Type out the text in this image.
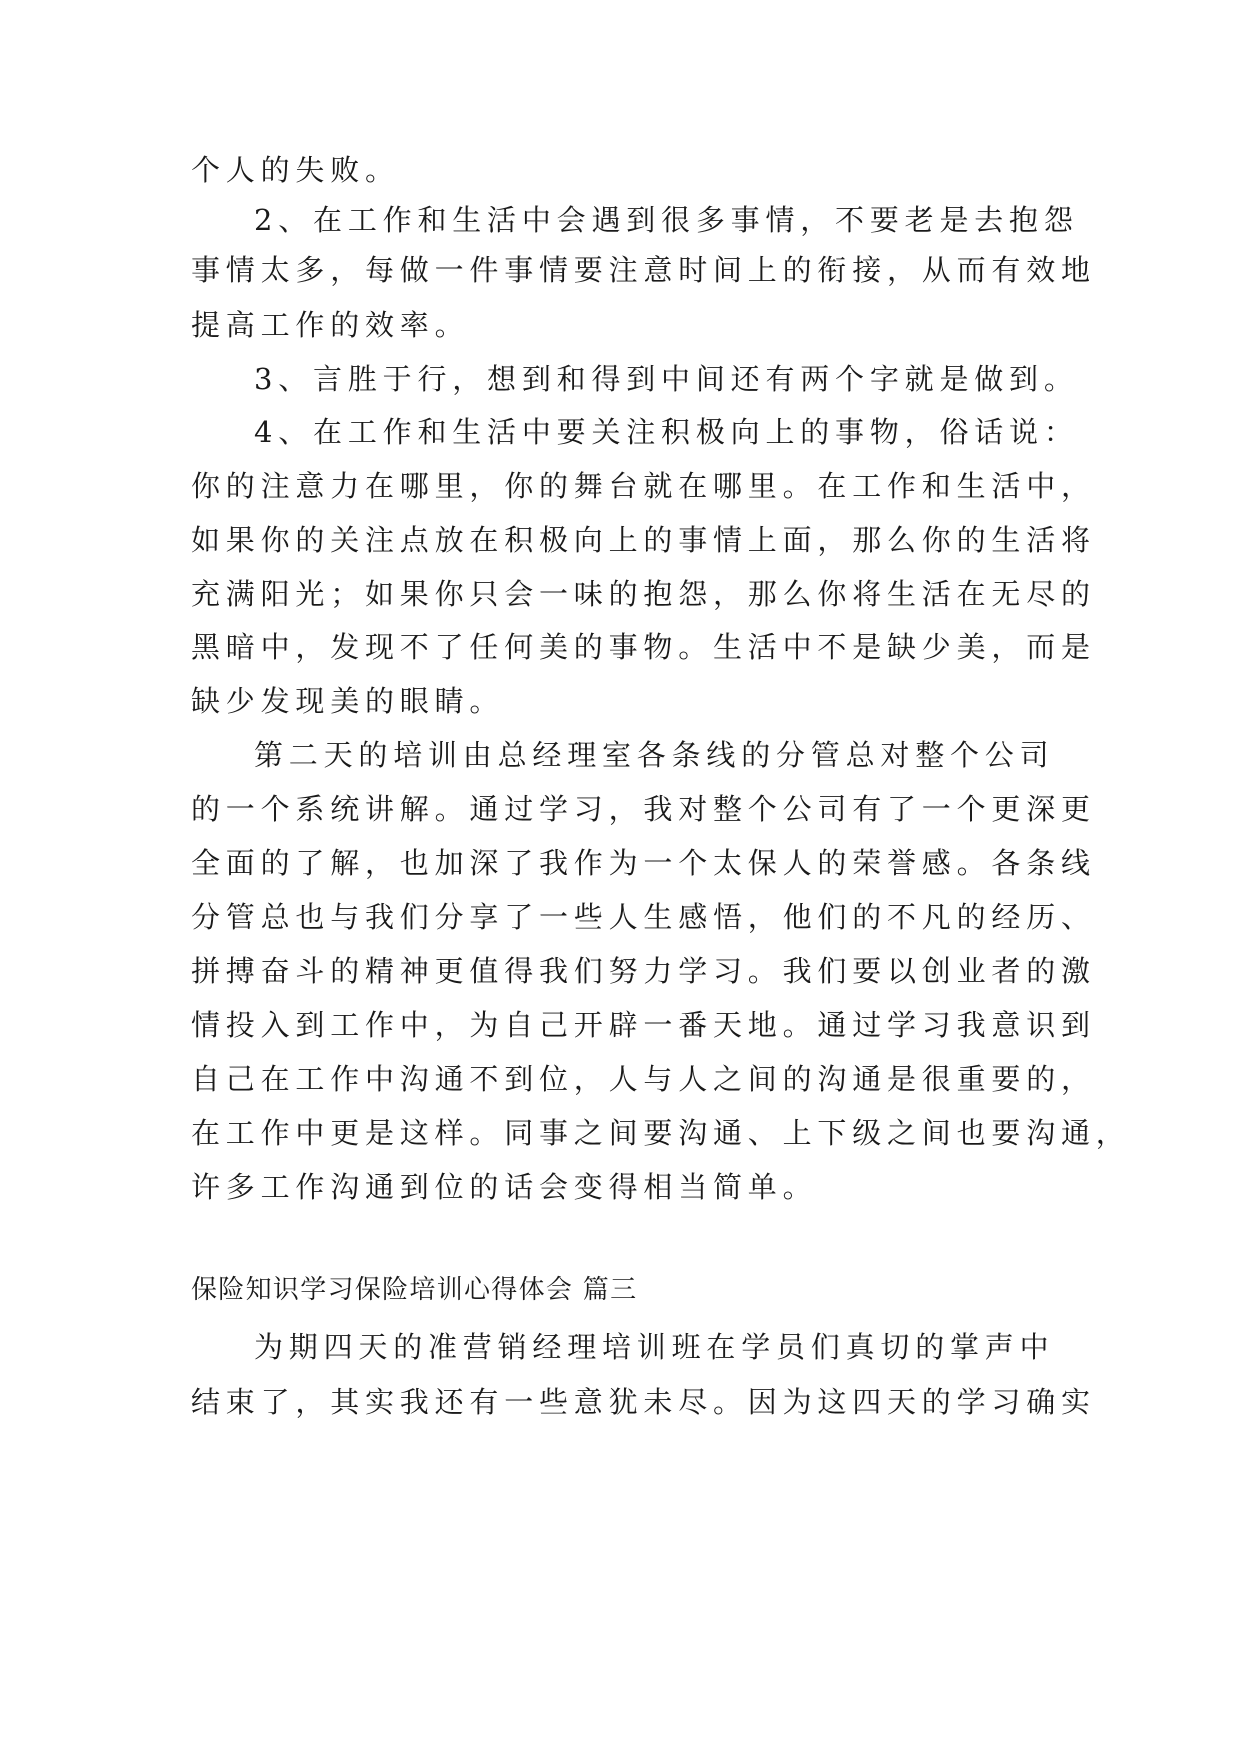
个人的失败。
2、在工作和生活中会遇到很多事情，不要老是去抱怨
事情太多，每做一件事情要注意时间上的衔接，从而有效地
提高工作的效率。
3、言胜于行，想到和得到中间还有两个字就是做到。
4、在工作和生活中要关注积极向上的事物，俗话说：
你的注意力在哪里，你的舞台就在哪里。在工作和生活中，
如果你的关注点放在积极向上的事情上面，那么你的生活将
充满阳光；如果你只会一味的抱怨，那么你将生活在无尽的
黑暗中，发现不了任何美的事物。生活中不是缺少美，而是
缺少发现美的眼睛。
第二天的培训由总经理室各条线的分管总对整个公司
的一个系统讲解。通过学习，我对整个公司有了一个更深更
全面的了解，也加深了我作为一个太保人的荣誉感。各条线
分管总也与我们分享了一些人生感悟，他们的不凡的经历、
拼搏奋斗的精神更值得我们努力学习。我们要以创业者的激
情投入到工作中，为自己开辟一番天地。通过学习我意识到
自己在工作中沟通不到位，人与人之间的沟通是很重要的，
在工作中更是这样。同事之间要沟通、上下级之间也要沟通，
许多工作沟通到位的话会变得相当简单。
保险知识学习保险培训心得体会 篇三
为期四天的准营销经理培训班在学员们真切的掌声中
结束了，其实我还有一些意犹未尽。因为这四天的学习确实
